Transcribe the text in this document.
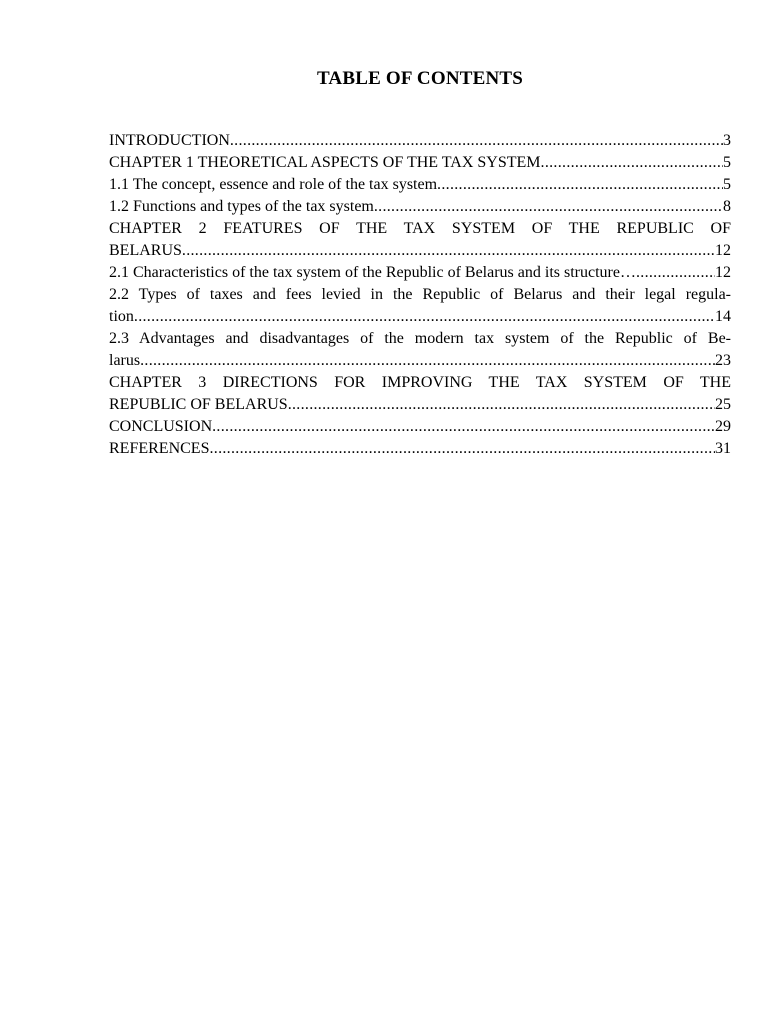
TABLE OF CONTENTS
INTRODUCTION .....	3
CHAPTER 1 THEORETICAL ASPECTS OF THE TAX SYSTEM .....	5
1.1 The concept, essence and role of the tax system .....	5
1.2 Functions and types of the tax system .....	8
CHAPTER 2 FEATURES OF THE TAX SYSTEM OF THE REPUBLIC OF
BELARUS .....	12
2.1 Characteristics of the tax system of the Republic of Belarus and its structure… .....	12
2.2 Types of taxes and fees levied in the Republic of Belarus and their legal regula-
tion .....	14
2.3 Advantages and disadvantages of the modern tax system of the Republic of Be-
larus .....	23
CHAPTER 3 DIRECTIONS FOR IMPROVING THE TAX SYSTEM OF THE
REPUBLIC OF BELARUS .....	25
CONCLUSION .....	29
REFERENCES .....	31
